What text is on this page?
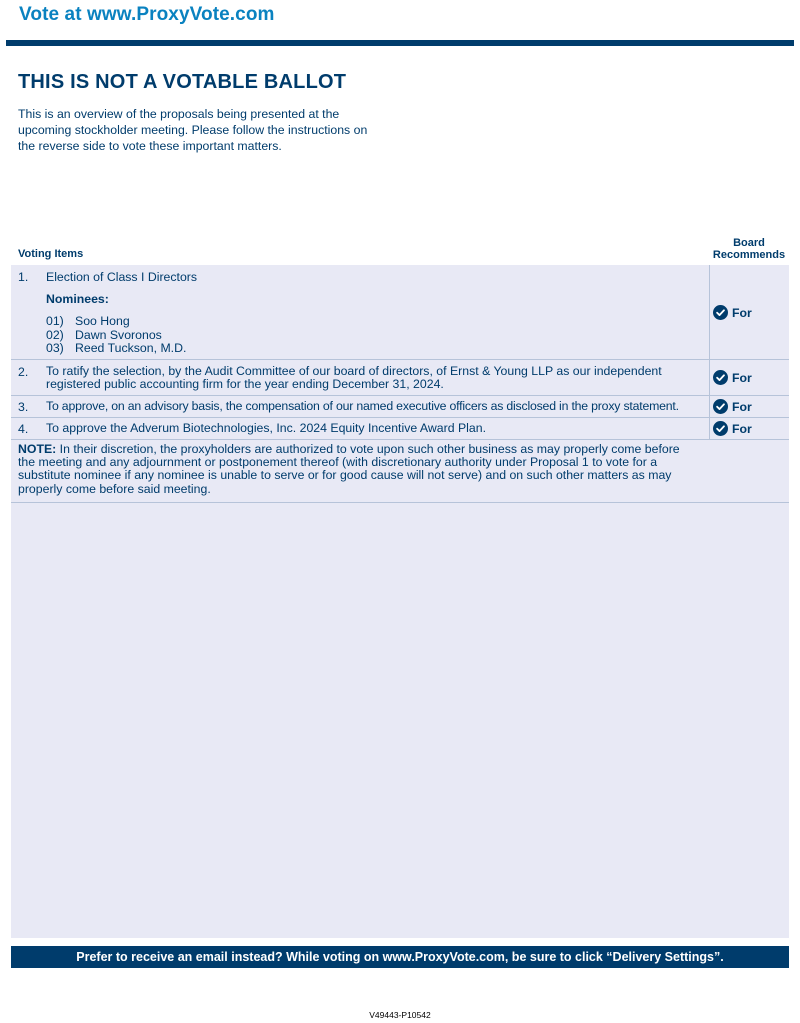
Vote at www.ProxyVote.com
THIS IS NOT A VOTABLE BALLOT
This is an overview of the proposals being presented at the
upcoming stockholder meeting. Please follow the instructions on
the reverse side to vote these important matters.
Voting Items
Board
Recommends
1. Election of Class I Directors
Nominees:
01) Soo Hong
02) Dawn Svoronos
03) Reed Tuckson, M.D.
For
2. To ratify the selection, by the Audit Committee of our board of directors, of Ernst & Young LLP as our independent
registered public accounting firm for the year ending December 31, 2024.	For
3. To approve, on an advisory basis, the compensation of our named executive officers as disclosed in the proxy statement.	For
4. To approve the Adverum Biotechnologies, Inc. 2024 Equity Incentive Award Plan.	For
NOTE: In their discretion, the proxyholders are authorized to vote upon such other business as may properly come before
the meeting and any adjournment or postponement thereof (with discretionary authority under Proposal 1 to vote for a
substitute nominee if any nominee is unable to serve or for good cause will not serve) and on such other matters as may
properly come before said meeting.
Prefer to receive an email instead? While voting on www.ProxyVote.com, be sure to click “Delivery Settings”.
V49443-P10542
